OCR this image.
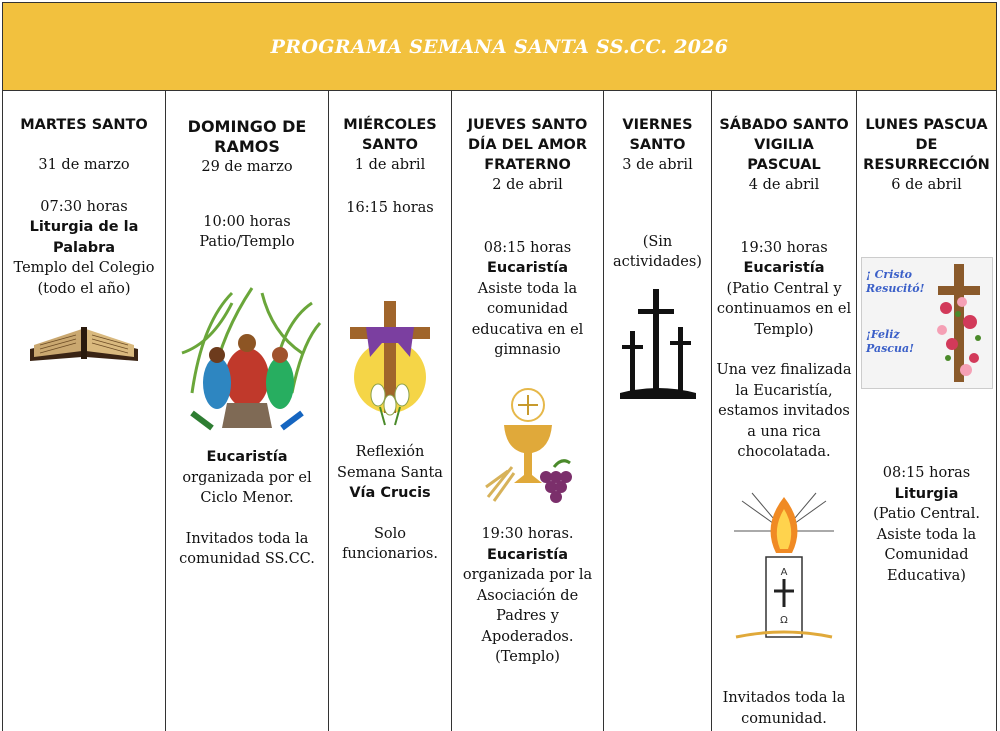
PROGRAMA SEMANA SANTA SS.CC. 2026
MARTES SANTO
31 de marzo
07:30 horas
Liturgia de la Palabra
Templo del Colegio (todo el año)
DOMINGO DE RAMOS
29 de marzo
10:00 horas
Patio/Templo
Eucaristía
organizada por el Ciclo Menor.
Invitados toda la comunidad SS.CC.
MIÉRCOLES SANTO
1 de abril
16:15 horas
Reflexión Semana Santa
Vía Crucis
Solo funcionarios.
JUEVES SANTO DÍA DEL AMOR FRATERNO
2 de abril
08:15 horas
Eucaristía
Asiste toda la comunidad educativa en el gimnasio
19:30 horas.
Eucaristía
organizada por la Asociación de Padres y Apoderados. (Templo)
VIERNES SANTO
3 de abril
(Sin actividades)
SÁBADO SANTO VIGILIA PASCUAL
4 de abril
19:30 horas
Eucaristía
(Patio Central y continuamos en el Templo)
Una vez finalizada la Eucaristía, estamos invitados a una rica chocolatada.
A
Ω
Invitados toda la comunidad.
LUNES PASCUA DE RESURRECCIÓN
6 de abril
¡ Cristo Resucitó!
¡Feliz Pascua!
08:15 horas
Liturgia
(Patio Central. Asiste toda la Comunidad Educativa)
